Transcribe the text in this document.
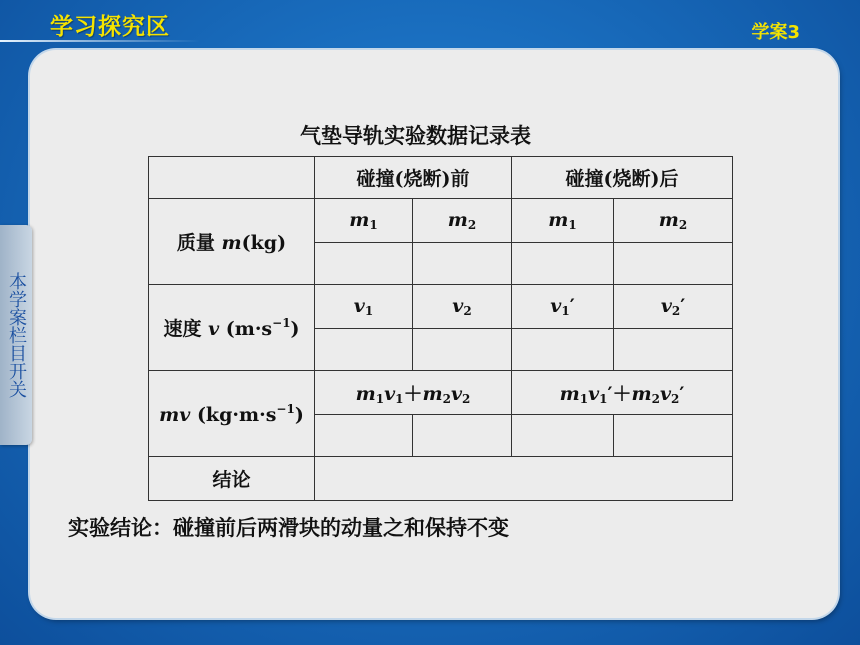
学习探究区	学案3
本学案栏目开关
气垫导轨实验数据记录表
	碰撞(烧断)前		碰撞(烧断)后	
质量 m(kg)	$m_1$	$m_2$	$m_1$	$m_2$

速度 v $(m\cdot s^{-1})$	$v_1$	$v_2$	$v_1'$	$v_2'$

mv $(kg\cdot m\cdot s^{-1})$	$m_1v_1+m_2v_2$		$m_1v_1'+m_2v_2'$	

结论				
实验结论：碰撞前后两滑块的动量之和保持不变
